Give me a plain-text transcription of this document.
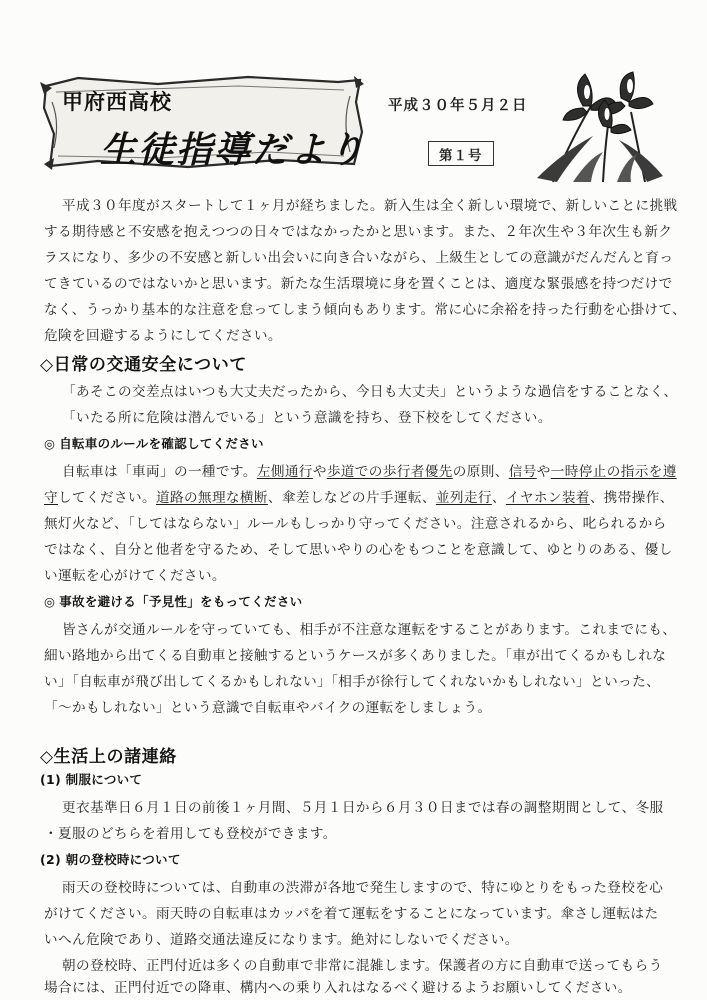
甲府西高校
生徒指導だより
平成３０年５月２日
第１号
平成３０年度がスタートして１ヶ月が経ちました。新入生は全く新しい環境で、新しいことに挑戦
する期待感と不安感を抱えつつの日々ではなかったかと思います。また、２年次生や３年次生も新ク
ラスになり、多少の不安感と新しい出会いに向き合いながら、上級生としての意識がだんだんと育っ
てきているのではないかと思います。新たな生活環境に身を置くことは、適度な緊張感を持つだけで
なく、うっかり基本的な注意を怠ってしまう傾向もあります。常に心に余裕を持った行動を心掛けて、
危険を回避するようにしてください。
◇日常の交通安全について
「あそこの交差点はいつも大丈夫だったから、今日も大丈夫」というような過信をすることなく、
「いたる所に危険は潜んでいる」という意識を持ち、登下校をしてください。
◎ 自転車のルールを確認してください
自転車は「車両」の一種です。左側通行や歩道での歩行者優先の原則、信号や一時停止の指示を遵
守してください。道路の無理な横断、傘差しなどの片手運転、並列走行、イヤホン装着、携帯操作、
無灯火など、「してはならない」ルールもしっかり守ってください。注意されるから、叱られるから
ではなく、自分と他者を守るため、そして思いやりの心をもつことを意識して、ゆとりのある、優し
い運転を心がけてください。
◎ 事故を避ける「予見性」をもってください
皆さんが交通ルールを守っていても、相手が不注意な運転をすることがあります。これまでにも、
細い路地から出てくる自動車と接触するというケースが多くありました。「車が出てくるかもしれな
い」「自転車が飛び出してくるかもしれない」「相手が徐行してくれないかもしれない」といった、
「～かもしれない」という意識で自転車やバイクの運転をしましょう。
◇生活上の諸連絡
(1) 制服について
更衣基準日６月１日の前後１ヶ月間、５月１日から６月３０日までは春の調整期間として、冬服
・夏服のどちらを着用しても登校ができます。
(2) 朝の登校時について
雨天の登校時については、自動車の渋滞が各地で発生しますので、特にゆとりをもった登校を心
がけてください。雨天時の自転車はカッパを着て運転をすることになっています。傘さし運転はた
いへん危険であり、道路交通法違反になります。絶対にしないでください。
朝の登校時、正門付近は多くの自動車で非常に混雑します。保護者の方に自動車で送ってもらう
場合には、正門付近での降車、構内への乗り入れはなるべく避けるようお願いしてください。
